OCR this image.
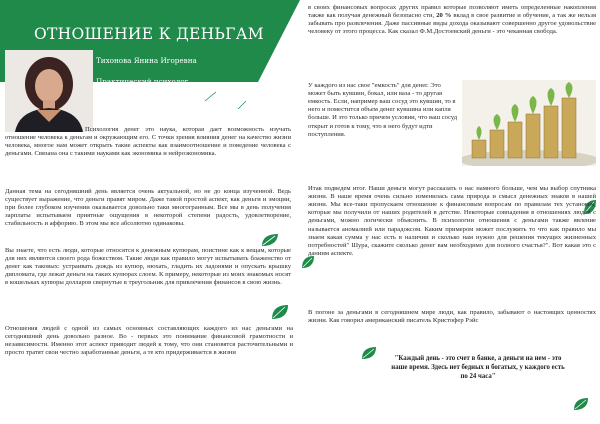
ОТНОШЕНИЕ К ДЕНЬГАМ
Тихонова Янина Игоревна
Практический психолог
0637098330
tsonevna@meta.ua

Психология денег это наука, которая дает возможность изучать отношение человека к деньгам и окружающим его. С точки зрения влияния денег на качество жизни человека, многое нам может открыть такие аспекты как взаимоотношение и поведение человека с деньгами. Связана она с такими науками как экономика и нейроэкономика.

Данная тема на сегодняшний день является очень актуальной, но не до конца изученной. Ведь существует выражение, что деньги правят миром. Даже такой простой аспект, как деньги и эмоции, при более глубоком изучении оказывается довольно таки многогранным. Все мы в день получения зарплаты испытываем приятные ощущения в некоторой степени радость, удовлетворение, стабильность и аффорию. В этом мы все абсолютно одинаковы.

Вы знаете, что есть люди, которые относятся к денежным купюрам, поистине как к вещам, которые для них являются своего рода божеством. Такие люди как правило могут испытывать блаженство от денег как таковых: устраивать дождь из купюр, нюхать, гладить их ладонями и опускать крышку дипломата, где лежат деньги на таких купюрах слоем. К примеру, некоторые из моих знакомых носят в кошельках купюры долларов свернутые в треугольник для привлечения финансов в свою жизнь.

Отношения людей с одной из самых основных составляющих каждого из нас деньгами на сегодняшний день довольно разное. Во - первых это понимание финансовой грамотности и независимости. Именно этот аспект приводит людей к тому, что они становятся расточительными и просто тратят свои честно заработанные деньги, а те кто придерживается в жизни

в своих финансовых вопросах других правил которые позволяют иметь определенные накопления также как получая денежный безопасно сти, 20 % вклад в свое развитие и обучение, а так же нельзя забывать про развлечения. Даже пассивные виды дохода оказывают совершенно другое удовольствие человеку от этого процесса. Как сказал Ф.М.Достоевский деньги - это чеканная свобода.

У каждого из нас свое "емкость" для денег. Это может быть кувшин, бокал, или ваза - то другая емкость. Если, например ваш сосуд это кувшин, то в него и поместится объем денег кувшина или капля больше. И это только причем условии, что ваш сосуд открыт и готов к тому, что в него будут идти поступления.

Итак подведем итог. Наши деньги могут рассказать о нас намного больше, чем мы выбор спутника жизни. В наше время очень сильно изменилась сама природа и смысл денежных знаков в нашей жизни. Мы все-таки пропускаем отношение к финансовым вопросам по правилам тех установок, которые мы получили от наших родителей в детстве. Некоторые совпадения в отношениях людей с деньгами, можно логически объяснить. В психологии отношения с деньгами также явление называется аномалией или парадоксом. Каким примером может послужить то что как правило мы знаем какая сумма у нас есть в наличии и сколько нам нужно для решения текущих жизненных потребностей" Шура, скажите сколько денег вам необходимо для полного счастья?". Вот какая это с даниим аспекте.

В погоне за деньгами в сегодняшнем мире люди, как правило, забывают о настоящих ценностях жизни. Как говорил американский писатель Кристофер Рэйс

"Каждый день - это счет в банке, а деньги на нем - это наше время. Здесь нет бедных и богатых, у каждого есть по 24 часа"
